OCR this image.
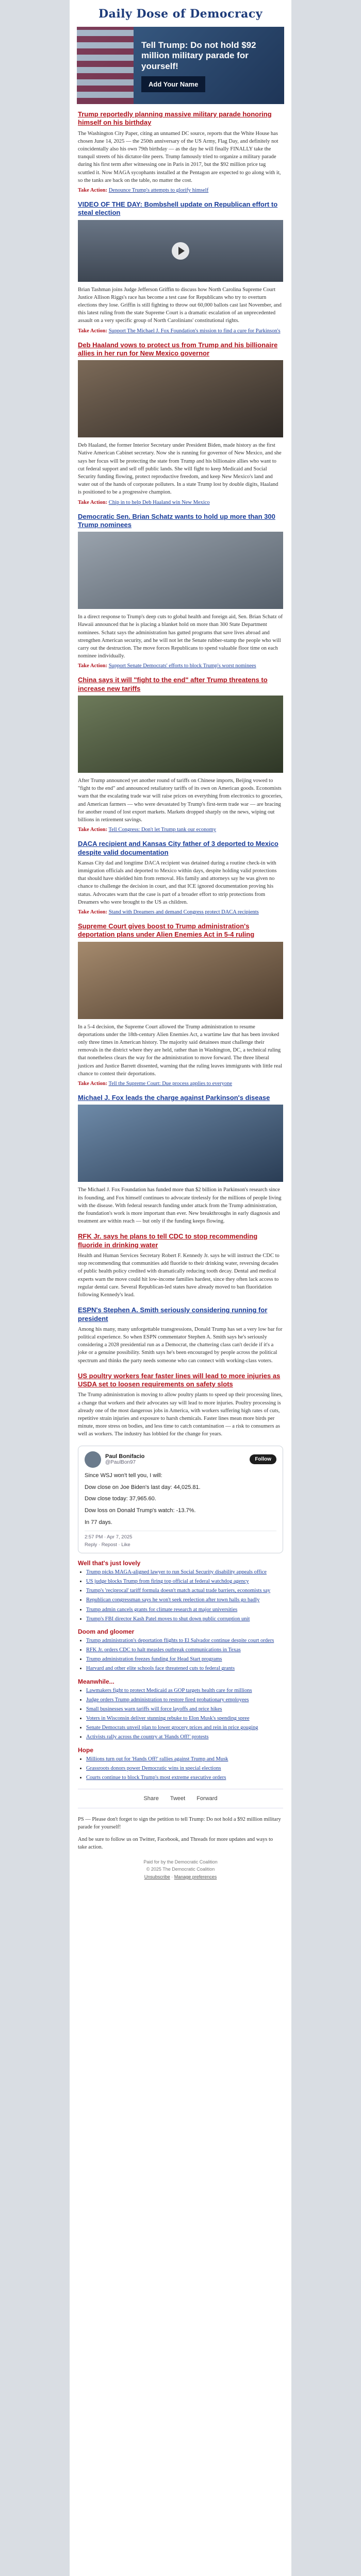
Daily Dose of Democracy
Tell Trump: Do not hold $92 million military parade for yourself!
Add Your Name
Trump reportedly planning massive military parade honoring himself on his birthday

The Washington City Paper, citing an unnamed DC source, reports that the White House has chosen June 14, 2025 — the 250th anniversary of the US Army, Flag Day, and definitely not coincidentally also his own 79th birthday — as the day he will finally FINALLY take the tranquil streets of his dictator-lite peers. Trump famously tried to organize a military parade during his first term after witnessing one in Paris in 2017, but the $92 million price tag scuttled it. Now MAGA sycophants installed at the Pentagon are expected to go along with it, so the tanks are back on the table, no matter the cost.

Take Action: Denounce Trump's attempts to glorify himself

VIDEO OF THE DAY: Bombshell update on Republican effort to steal election

Brian Tashman joins Judge Jefferson Griffin to discuss how North Carolina Supreme Court Justice Allison Riggs's race has become a test case for Republicans who try to overturn elections they lose. Griffin is still fighting to throw out 60,000 ballots cast last November, and this latest ruling from the state Supreme Court is a dramatic escalation of an unprecedented assault on a very specific group of North Carolinians' constitutional rights.

Take Action: Support The Michael J. Fox Foundation's mission to find a cure for Parkinson's

Deb Haaland vows to protect us from Trump and his billionaire allies in her run for New Mexico governor

Deb Haaland, the former Interior Secretary under President Biden, made history as the first Native American Cabinet secretary. Now she is running for governor of New Mexico, and she says her focus will be protecting the state from Trump and his billionaire allies who want to cut federal support and sell off public lands. She will fight to keep Medicaid and Social Security funding flowing, protect reproductive freedom, and keep New Mexico's land and water out of the hands of corporate polluters. In a state Trump lost by double digits, Haaland is positioned to be a progressive champion.

Take Action: Chip in to help Deb Haaland win New Mexico

Democratic Sen. Brian Schatz wants to hold up more than 300 Trump nominees

In a direct response to Trump's deep cuts to global health and foreign aid, Sen. Brian Schatz of Hawaii announced that he is placing a blanket hold on more than 300 State Department nominees. Schatz says the administration has gutted programs that save lives abroad and strengthen American security, and he will not let the Senate rubber-stamp the people who will carry out the destruction. The move forces Republicans to spend valuable floor time on each nominee individually.

Take Action: Support Senate Democrats' efforts to block Trump's worst nominees

China says it will "fight to the end" after Trump threatens to increase new tariffs

After Trump announced yet another round of tariffs on Chinese imports, Beijing vowed to "fight to the end" and announced retaliatory tariffs of its own on American goods. Economists warn that the escalating trade war will raise prices on everything from electronics to groceries, and American farmers — who were devastated by Trump's first-term trade war — are bracing for another round of lost export markets. Markets dropped sharply on the news, wiping out billions in retirement savings.

Take Action: Tell Congress: Don't let Trump tank our economy

DACA recipient and Kansas City father of 3 deported to Mexico despite valid documentation

Kansas City dad and longtime DACA recipient was detained during a routine check-in with immigration officials and deported to Mexico within days, despite holding valid protections that should have shielded him from removal. His family and attorneys say he was given no chance to challenge the decision in court, and that ICE ignored documentation proving his status. Advocates warn that the case is part of a broader effort to strip protections from Dreamers who were brought to the US as children.

Take Action: Stand with Dreamers and demand Congress protect DACA recipients

Supreme Court gives boost to Trump administration's deportation plans under Alien Enemies Act in 5-4 ruling

In a 5-4 decision, the Supreme Court allowed the Trump administration to resume deportations under the 18th-century Alien Enemies Act, a wartime law that has been invoked only three times in American history. The majority said detainees must challenge their removals in the district where they are held, rather than in Washington, DC, a technical ruling that nonetheless clears the way for the administration to move forward. The three liberal justices and Justice Barrett dissented, warning that the ruling leaves immigrants with little real chance to contest their deportations.

Take Action: Tell the Supreme Court: Due process applies to everyone

Michael J. Fox leads the charge against Parkinson's disease

The Michael J. Fox Foundation has funded more than $2 billion in Parkinson's research since its founding, and Fox himself continues to advocate tirelessly for the millions of people living with the disease. With federal research funding under attack from the Trump administration, the foundation's work is more important than ever. New breakthroughs in early diagnosis and treatment are within reach — but only if the funding keeps flowing.

RFK Jr. says he plans to tell CDC to stop recommending fluoride in drinking water

Health and Human Services Secretary Robert F. Kennedy Jr. says he will instruct the CDC to stop recommending that communities add fluoride to their drinking water, reversing decades of public health policy credited with dramatically reducing tooth decay. Dental and medical experts warn the move could hit low-income families hardest, since they often lack access to regular dental care. Several Republican-led states have already moved to ban fluoridation following Kennedy's lead.

ESPN's Stephen A. Smith seriously considering running for president

Among his many, many unforgettable transgressions, Donald Trump has set a very low bar for political experience. So when ESPN commentator Stephen A. Smith says he's seriously considering a 2028 presidential run as a Democrat, the chattering class can't decide if it's a joke or a genuine possibility. Smith says he's been encouraged by people across the political spectrum and thinks the party needs someone who can connect with working-class voters.

US poultry workers fear faster lines will lead to more injuries as USDA set to loosen requirements on safety slots

The Trump administration is moving to allow poultry plants to speed up their processing lines, a change that workers and their advocates say will lead to more injuries. Poultry processing is already one of the most dangerous jobs in America, with workers suffering high rates of cuts, repetitive strain injuries and exposure to harsh chemicals. Faster lines mean more birds per minute, more stress on bodies, and less time to catch contamination — a risk to consumers as well as workers. The industry has lobbied for the change for years.

Paul Bonifacio
@PaulBon97
Follow

Since WSJ won't tell you, I will:

Dow close on Joe Biden's last day: 44,025.81.

Dow close today: 37,965.60.

Dow loss on Donald Trump's watch: -13.7%.

In 77 days.

2:57 PM · Apr 7, 2025
Reply · Repost · Like
Well that's just lovely
• Trump picks MAGA-aligned lawyer to run Social Security disability appeals office
• US judge blocks Trump from firing top official at federal watchdog agency
• Trump's 'reciprocal' tariff formula doesn't match actual trade barriers, economists say
• Republican congressman says he won't seek reelection after town halls go badly
• Trump admin cancels grants for climate research at major universities
• Trump's FBI director Kash Patel moves to shut down public corruption unit
Doom and gloomer
• Trump administration's deportation flights to El Salvador continue despite court orders
• RFK Jr. orders CDC to halt measles outbreak communications in Texas
• Trump administration freezes funding for Head Start programs
• Harvard and other elite schools face threatened cuts to federal grants
Meanwhile...
• Lawmakers fight to protect Medicaid as GOP targets health care for millions
• Judge orders Trump administration to restore fired probationary employees
• Small businesses warn tariffs will force layoffs and price hikes
• Voters in Wisconsin deliver stunning rebuke to Elon Musk's spending spree
• Senate Democrats unveil plan to lower grocery prices and rein in price gouging
• Activists rally across the country at 'Hands Off!' protests
Hope
• Millions turn out for 'Hands Off!' rallies against Trump and Musk
• Grassroots donors power Democratic wins in special elections
• Courts continue to block Trump's most extreme executive orders
Share Tweet Forward

PS — Please don't forget to sign the petition to tell Trump: Do not hold a $92 million military parade for yourself!

And be sure to follow us on Twitter, Facebook, and Threads for more updates and ways to take action.

Paid for by the Democratic Coalition
© 2025 The Democratic Coalition
Unsubscribe · Manage preferences
